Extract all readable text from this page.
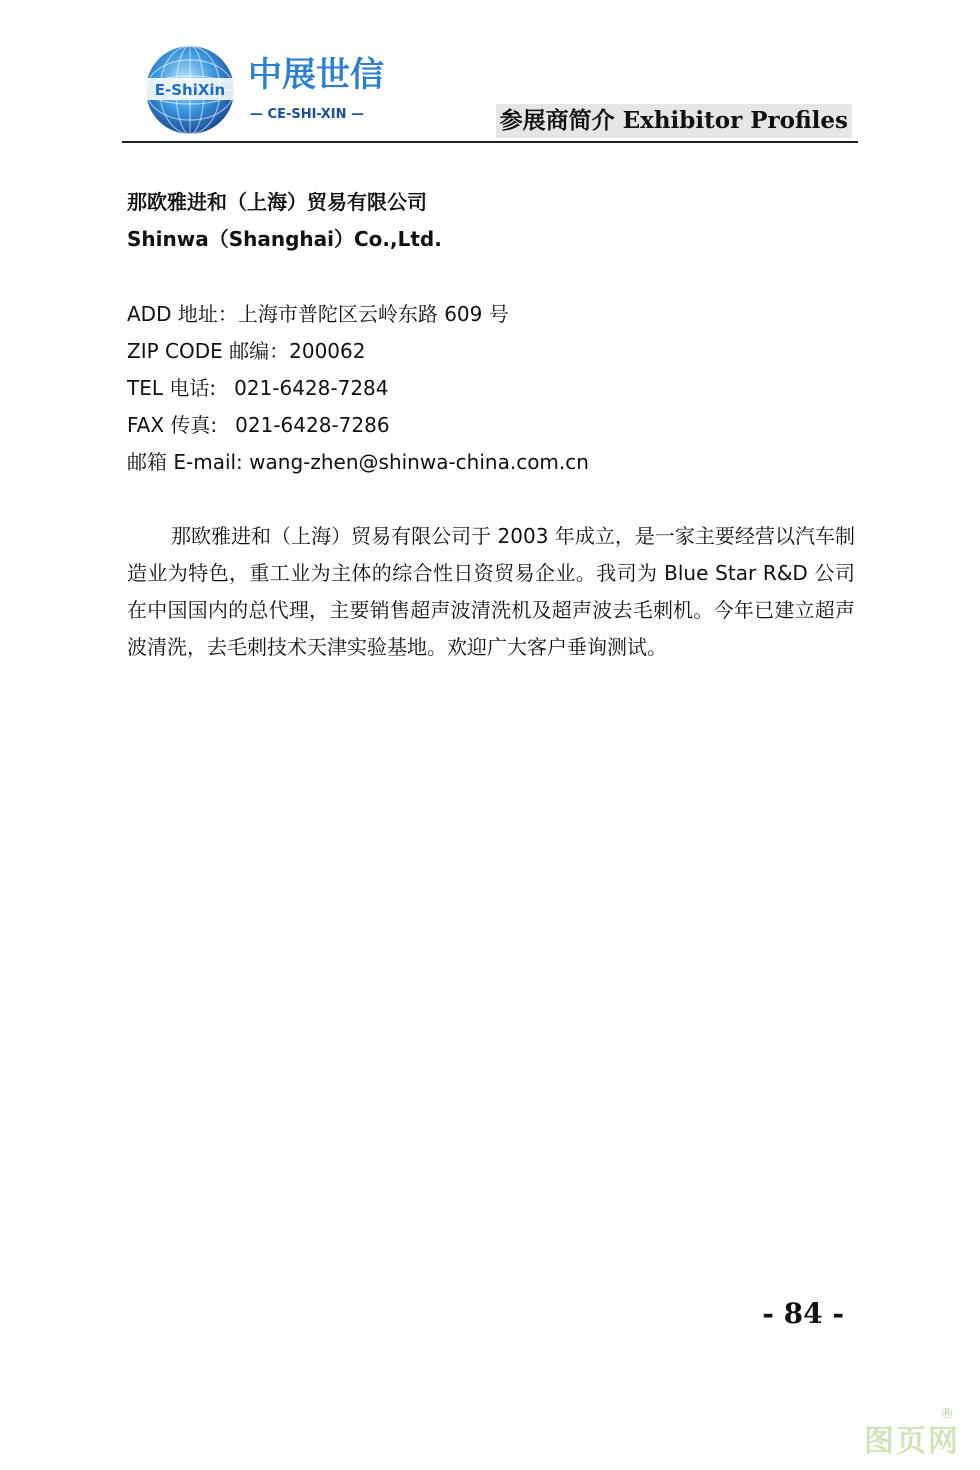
E-ShiXin 中展世信
— CE-SHI-XIN —	参展商简介 Exhibitor Profiles
那欧雅进和（上海）贸易有限公司
Shinwa（Shanghai）Co.,Ltd.
ADD 地址：上海市普陀区云岭东路 609 号
ZIP CODE 邮编：200062
TEL 电话: 021-6428-7284
FAX 传真: 021-6428-7286
邮箱 E-mail: wang-zhen@shinwa-china.com.cn

那欧雅进和（上海）贸易有限公司于 2003 年成立，是一家主要经营以汽车制造业为特色，重工业为主体的综合性日资贸易企业。我司为 Blue Star R&D 公司在中国国内的总代理，主要销售超声波清洗机及超声波去毛刺机。今年已建立超声波清洗，去毛刺技术天津实验基地。欢迎广大客户垂询测试。

- 84 -
图页网
®
